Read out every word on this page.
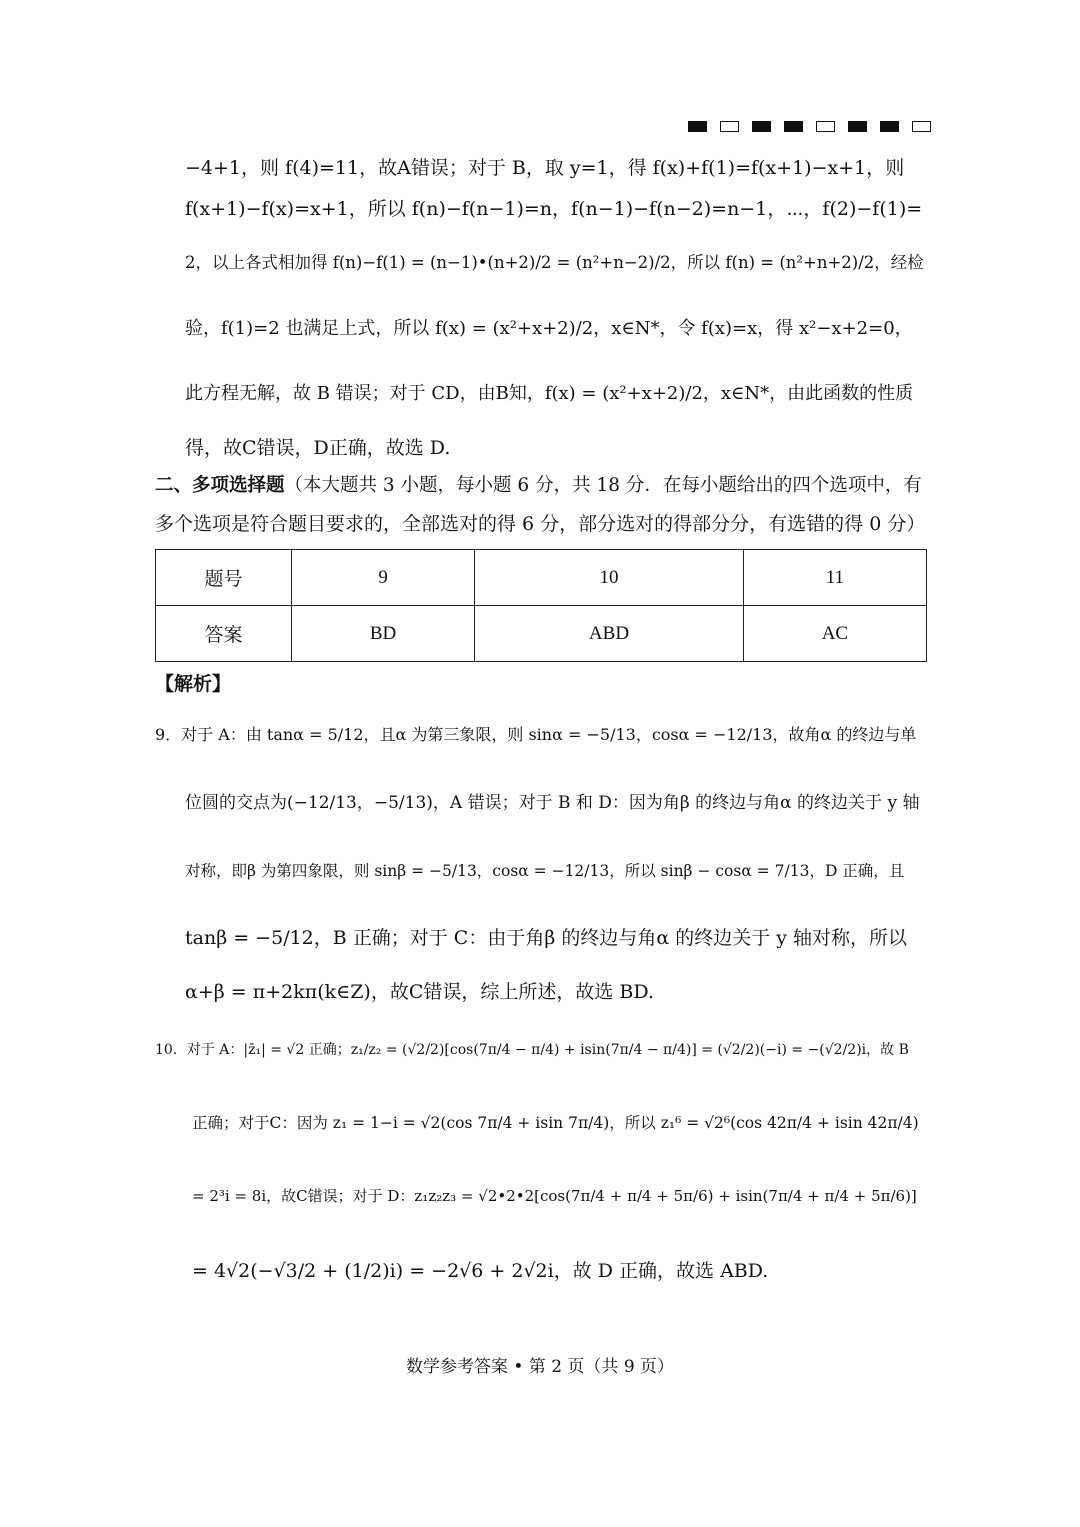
−4+1，则 f(4)=11，故A错误；对于 B，取 y=1，得 f(x)+f(1)=f(x+1)−x+1，则
f(x+1)−f(x)=x+1，所以 f(n)−f(n−1)=n，f(n−1)−f(n−2)=n−1，⋯，f(2)−f(1)=
2，以上各式相加得 f(n)−f(1) = (n−1)•(n+2)/2 = (n²+n−2)/2，所以 f(n) = (n²+n+2)/2，经检
验，f(1)=2 也满足上式，所以 f(x) = (x²+x+2)/2，x∈N*，令 f(x)=x，得 x²−x+2=0，
此方程无解，故 B 错误；对于 CD，由B知，f(x) = (x²+x+2)/2，x∈N*，由此函数的性质
得，故C错误，D正确，故选 D.
二、多项选择题（本大题共 3 小题，每小题 6 分，共 18 分．在每小题给出的四个选项中，有
多个选项是符合题目要求的，全部选对的得 6 分，部分选对的得部分分，有选错的得 0 分）
题号	9	10	11
答案	BD	ABD	AC
【解析】
9．对于 A：由 tanα = 5/12，且α 为第三象限，则 sinα = −5/13，cosα = −12/13，故角α 的终边与单
位圆的交点为(−12/13，−5/13)，A 错误；对于 B 和 D：因为角β 的终边与角α 的终边关于 y 轴
对称，即β 为第四象限，则 sinβ = −5/13，cosα = −12/13，所以 sinβ − cosα = 7/13，D 正确，且
tanβ = −5/12，B 正确；对于 C：由于角β 的终边与角α 的终边关于 y 轴对称，所以
α+β = π+2kπ(k∈Z)，故C错误，综上所述，故选 BD.
10．对于 A：|z̄₁| = √2 正确；z₁/z₂ = (√2/2)[cos(7π/4 − π/4) + isin(7π/4 − π/4)] = (√2/2)(−i) = −(√2/2)i，故 B
正确；对于C：因为 z₁ = 1−i = √2(cos 7π/4 + isin 7π/4)，所以 z₁⁶ = √2⁶(cos 42π/4 + isin 42π/4)
= 2³i = 8i，故C错误；对于 D：z₁z₂z₃ = √2•2•2[cos(7π/4 + π/4 + 5π/6) + isin(7π/4 + π/4 + 5π/6)]
= 4√2(−√3/2 + (1/2)i) = −2√6 + 2√2i，故 D 正确，故选 ABD.
数学参考答案 • 第 2 页（共 9 页）
